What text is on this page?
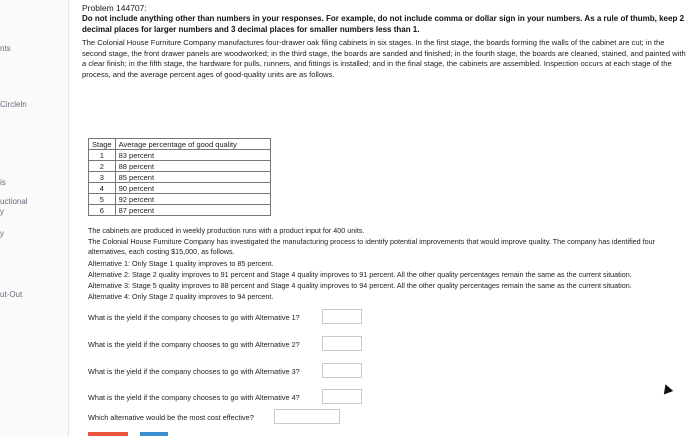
nts
Circleln
is
uctional
y
y
ut-Out
Problem 144707:
Do not include anything other than numbers in your responses. For example, do not include comma or dollar sign in your numbers. As a rule of thumb, keep 2 decimal places for larger numbers and 3 decimal places for smaller numbers less than 1.
The Colonial House Furniture Company manufactures four-drawer oak filing cabinets in six stages. In the first stage, the boards forming the walls of the cabinet are cut; in the second stage, the front drawer panels are woodworked; in the third stage, the boards are sanded and finished; in the fourth stage, the boards are cleaned, stained, and painted with a clear finish; in the fifth stage, the hardware for pulls, runners, and fittings is installed; and in the final stage, the cabinets are assembled. Inspection occurs at each stage of the process, and the average percent ages of good-quality units are as follows.
Stage	Average percentage of good quality
1	83 percent
2	88 percent
3	85 percent
4	90 percent
5	92 percent
6	87 percent
The cabinets are produced in weekly production runs with a product input for 400 units.
The Colonial House Furniture Company has investigated the manufacturing process to identify potential improvements that would improve quality. The company has identified four alternatives, each costing $15,000, as follows.
Alternative 1: Only Stage 1 quality improves to 85 percent.
Alternative 2: Stage 2 quality improves to 91 percent and Stage 4 quality improves to 91 percent. All the other quality percentages remain the same as the current situation.
Alternative 3: Stage 5 quality improves to 88 percent and Stage 4 quality improves to 94 percent. All the other quality percentages remain the same as the current situation.
Alternative 4: Only Stage 2 quality improves to 94 percent.
What is the yield if the company chooses to go with Alternative 1?
What is the yield if the company chooses to go with Alternative 2?
What is the yield if the company chooses to go with Alternative 3?
What is the yield if the company chooses to go with Alternative 4?
Which alternative would be the most cost effective?
